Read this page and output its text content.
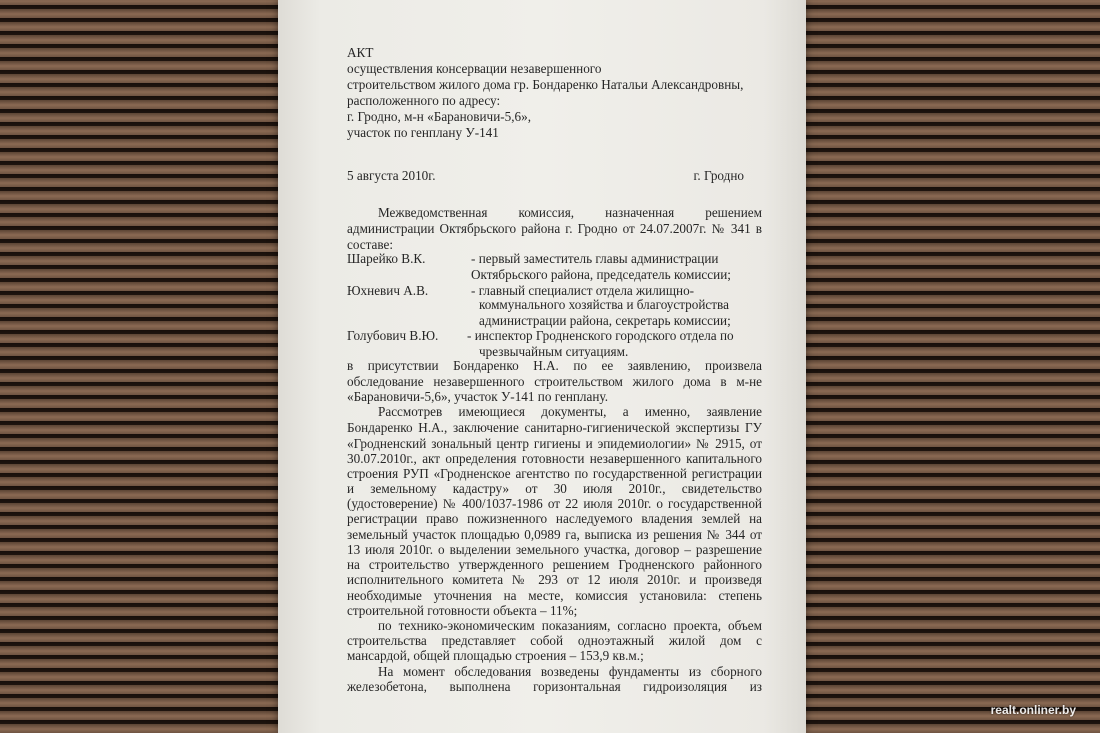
АКТ
осуществления консервации незавершенного
строительством жилого дома гр. Бондаренко Натальи Александровны,
расположенного по адресу:
г. Гродно, м-н «Барановичи-5,6»,
участок по генплану У-141
5 августа 2010г.	г. Гродно
Межведомственная комиссия, назначенная решением
администрации Октябрьского района г. Гродно от 24.07.2007г. № 341 в
составе:
Шарейко В.К.	- первый заместитель главы администрации
Октябрьского района, председатель комиссии;
Юхневич А.В.	- главный специалист отдела жилищно-
коммунального хозяйства и благоустройства
администрации района, секретарь комиссии;
Голубович В.Ю. - инспектор Гродненского городского отдела по
чрезвычайным ситуациям.
в присутствии Бондаренко Н.А. по ее заявлению, произвела
обследование незавершенного строительством жилого дома в м-не
«Барановичи-5,6», участок У-141 по генплану.
Рассмотрев имеющиеся документы, а именно, заявление
Бондаренко Н.А., заключение санитарно-гигиенической экспертизы ГУ
«Гродненский зональный центр гигиены и эпидемиологии» № 2915, от
30.07.2010г., акт определения готовности незавершенного капитального
строения РУП «Гродненское агентство по государственной регистрации
и земельному кадастру» от 30 июля 2010г., свидетельство
(удостоверение) № 400/1037-1986 от 22 июля 2010г. о государственной
регистрации право пожизненного наследуемого владения землей на
земельный участок площадью 0,0989 га, выписка из решения № 344 от
13 июля 2010г. о выделении земельного участка, договор – разрешение
на строительство утвержденного решением Гродненского районного
исполнительного комитета № 293 от 12 июля 2010г. и произведя
необходимые уточнения на месте, комиссия установила: степень
строительной готовности объекта – 11%;
по технико-экономическим показаниям, согласно проекта, объем
строительства представляет собой одноэтажный жилой дом с
мансардой, общей площадью строения – 153,9 кв.м.;
На момент обследования возведены фундаменты из сборного
железобетона, выполнена горизонтальная гидроизоляция из
realt.onliner.by
